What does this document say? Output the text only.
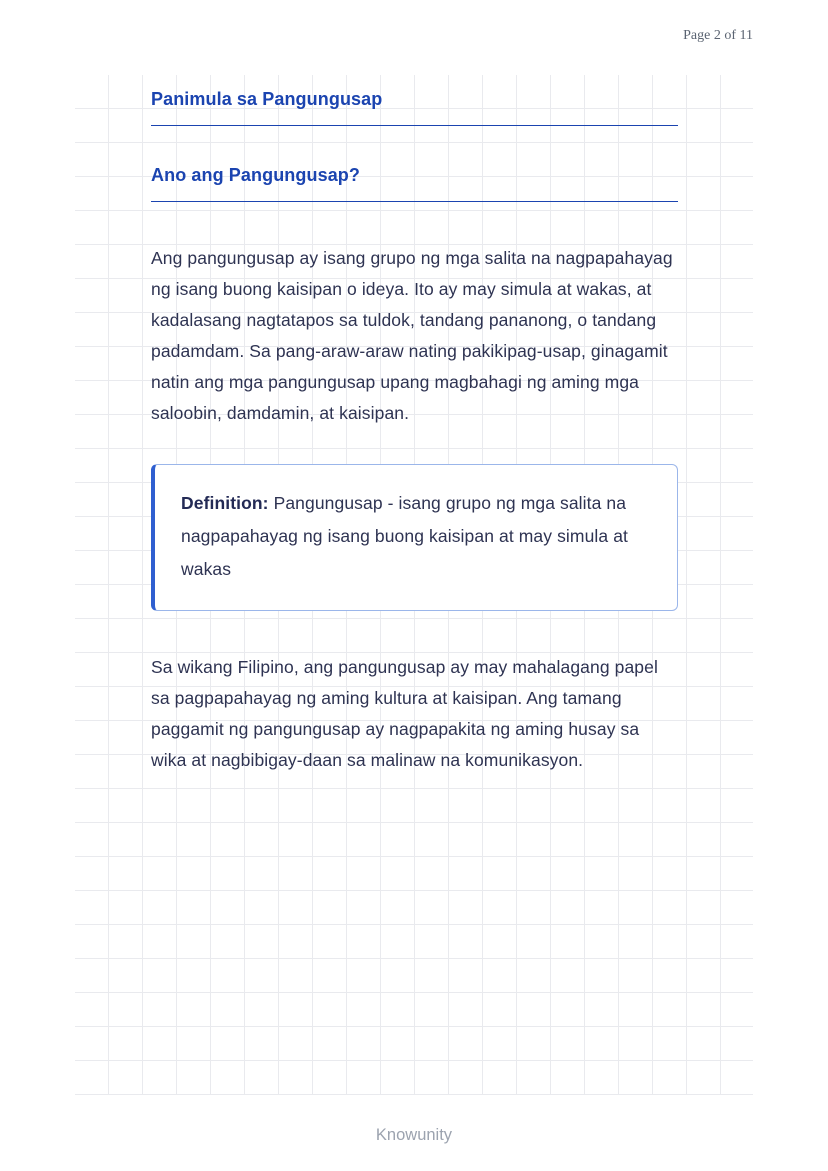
Page 2 of 11
Panimula sa Pangungusap
Ano ang Pangungusap?

Ang pangungusap ay isang grupo ng mga salita na nagpapahayag ng isang buong kaisipan o ideya. Ito ay may simula at wakas, at kadalasang nagtatapos sa tuldok, tandang pananong, o tandang padamdam. Sa pang-araw-araw nating pakikipag-usap, ginagamit natin ang mga pangungusap upang magbahagi ng aming mga saloobin, damdamin, at kaisipan.

Definition: Pangungusap - isang grupo ng mga salita na nagpapahayag ng isang buong kaisipan at may simula at wakas

Sa wikang Filipino, ang pangungusap ay may mahalagang papel sa pagpapahayag ng aming kultura at kaisipan. Ang tamang paggamit ng pangungusap ay nagpapakita ng aming husay sa wika at nagbibigay-daan sa malinaw na komunikasyon.

Knowunity
